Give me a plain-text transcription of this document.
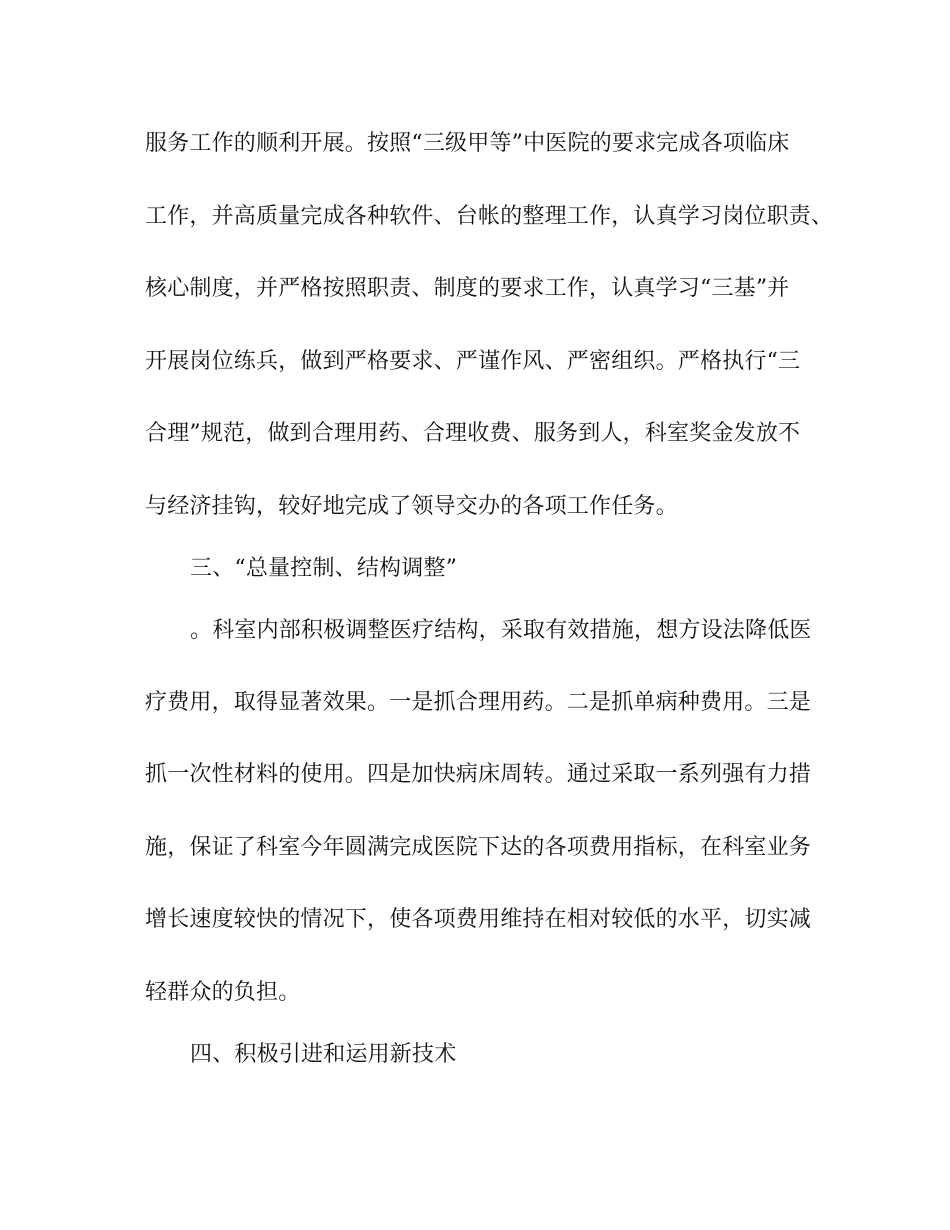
服务工作的顺利开展。按照“三级甲等”中医院的要求完成各项临床
工作，并高质量完成各种软件、台帐的整理工作，认真学习岗位职责、
核心制度，并严格按照职责、制度的要求工作，认真学习“三基”并
开展岗位练兵，做到严格要求、严谨作风、严密组织。严格执行“三
合理”规范，做到合理用药、合理收费、服务到人，科室奖金发放不
与经济挂钩，较好地完成了领导交办的各项工作任务。
三、“总量控制、结构调整”
。科室内部积极调整医疗结构，采取有效措施，想方设法降低医
疗费用，取得显著效果。一是抓合理用药。二是抓单病种费用。三是
抓一次性材料的使用。四是加快病床周转。通过采取一系列强有力措
施，保证了科室今年圆满完成医院下达的各项费用指标，在科室业务
增长速度较快的情况下，使各项费用维持在相对较低的水平，切实减
轻群众的负担。
四、积极引进和运用新技术
